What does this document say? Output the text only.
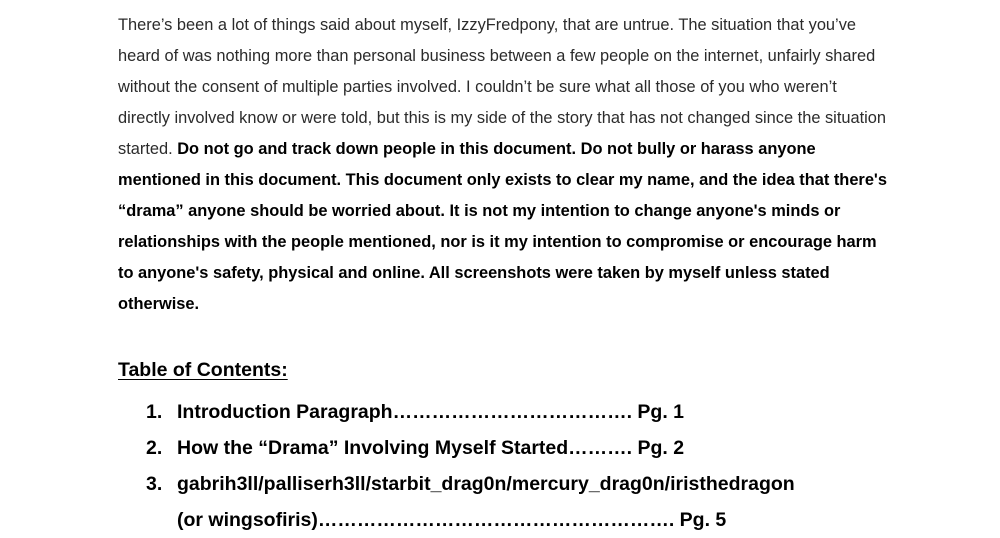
There’s been a lot of things said about myself, IzzyFredpony, that are untrue. The situation that you’ve heard of was nothing more than personal business between a few people on the internet, unfairly shared without the consent of multiple parties involved. I couldn’t be sure what all those of you who weren’t directly involved know or were told, but this is my side of the story that has not changed since the situation started. Do not go and track down people in this document. Do not bully or harass anyone mentioned in this document. This document only exists to clear my name, and the idea that there's “drama” anyone should be worried about. It is not my intention to change anyone's minds or relationships with the people mentioned, nor is it my intention to compromise or encourage harm to anyone's safety, physical and online. All screenshots were taken by myself unless stated otherwise.

Table of Contents:
1. Introduction Paragraph………………………………. Pg. 1
2. How the “Drama” Involving Myself Started………. Pg. 2
3. gabrih3ll/palliserh3ll/starbit_drag0n/mercury_drag0n/iristhedragon
(or wingsofiris)………………………………………………. Pg. 5
